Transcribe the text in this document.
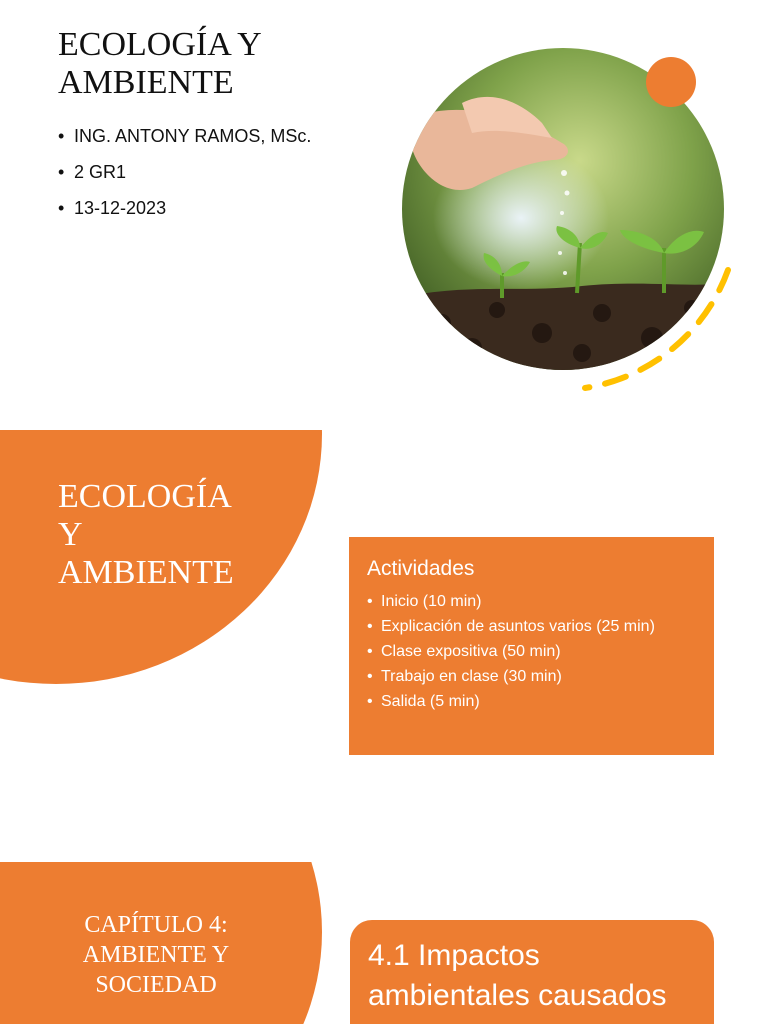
ECOLOGÍA Y
AMBIENTE
• ING. ANTONY RAMOS, MSc.
• 2 GR1
• 13-12-2023
ECOLOGÍA
Y
AMBIENTE	Actividades
• Inicio (10 min)
• Explicación de asuntos varios (25 min)
• Clase expositiva (50 min)
• Trabajo en clase (30 min)
• Salida (5 min)
CAPÍTULO 4:
AMBIENTE Y
SOCIEDAD
4.1 Impactos
ambientales causados
